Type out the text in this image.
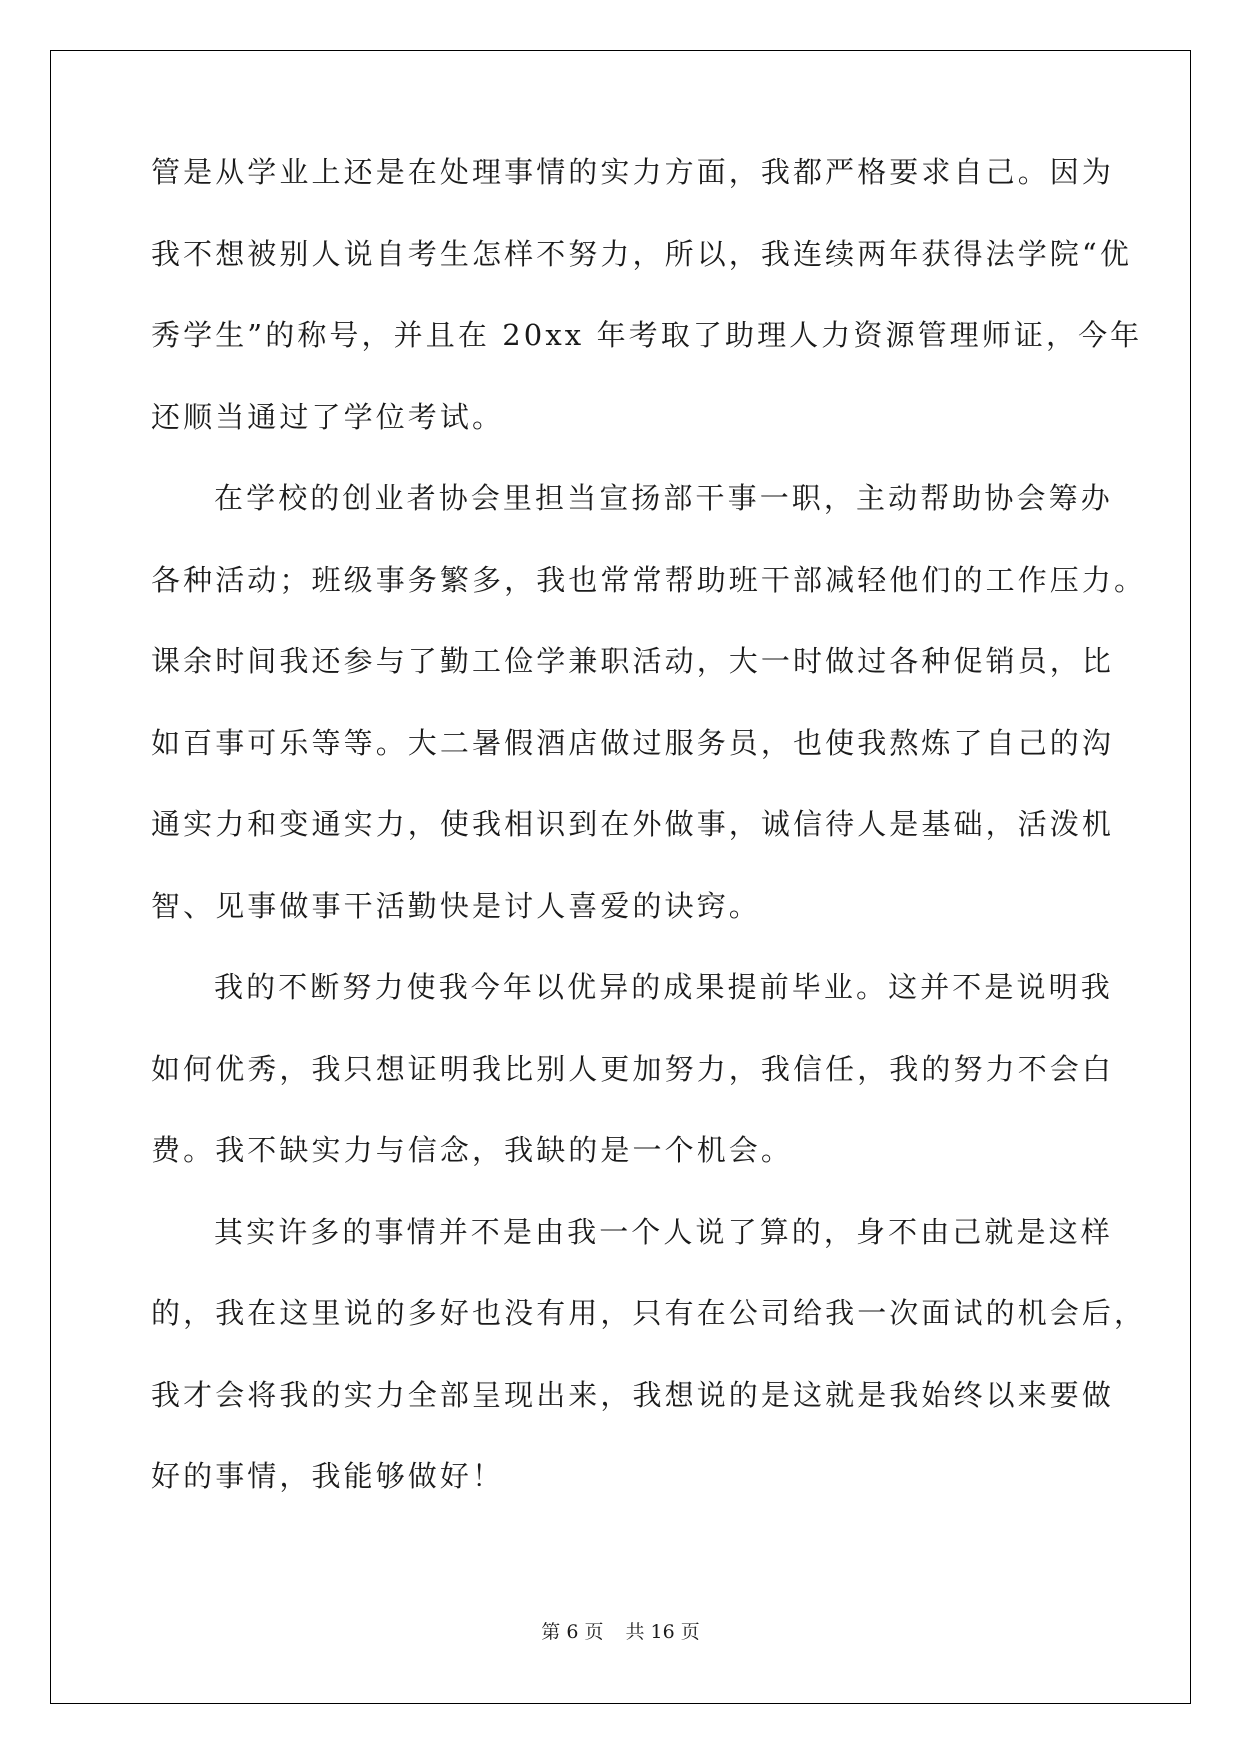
管是从学业上还是在处理事情的实力方面，我都严格要求自己。因为
我不想被别人说自考生怎样不努力，所以，我连续两年获得法学院“优
秀学生”的称号，并且在 20xx 年考取了助理人力资源管理师证，今年
还顺当通过了学位考试。
在学校的创业者协会里担当宣扬部干事一职，主动帮助协会筹办
各种活动；班级事务繁多，我也常常帮助班干部减轻他们的工作压力。
课余时间我还参与了勤工俭学兼职活动，大一时做过各种促销员，比
如百事可乐等等。大二暑假酒店做过服务员，也使我熬炼了自己的沟
通实力和变通实力，使我相识到在外做事，诚信待人是基础，活泼机
智、见事做事干活勤快是讨人喜爱的诀窍。
我的不断努力使我今年以优异的成果提前毕业。这并不是说明我
如何优秀，我只想证明我比别人更加努力，我信任，我的努力不会白
费。我不缺实力与信念，我缺的是一个机会。
其实许多的事情并不是由我一个人说了算的，身不由己就是这样
的，我在这里说的多好也没有用，只有在公司给我一次面试的机会后，
我才会将我的实力全部呈现出来，我想说的是这就是我始终以来要做
好的事情，我能够做好！
第 6 页 共 16 页
